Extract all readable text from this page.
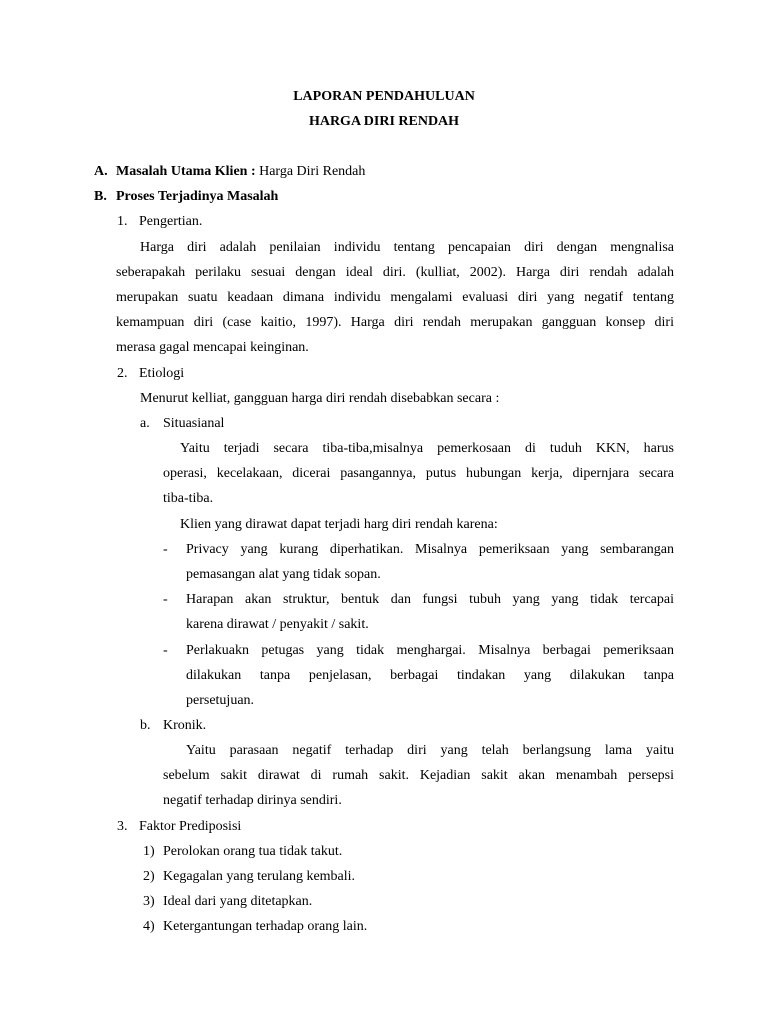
LAPORAN PENDAHULUAN
HARGA DIRI RENDAH
A. Masalah Utama Klien : Harga Diri Rendah
B. Proses Terjadinya Masalah
1. Pengertian.
Harga diri adalah penilaian individu tentang pencapaian diri dengan mengnalisa
seberapakah perilaku sesuai dengan ideal diri. (kulliat, 2002). Harga diri rendah adalah
merupakan suatu keadaan dimana individu mengalami evaluasi diri yang negatif tentang
kemampuan diri (case kaitio, 1997). Harga diri rendah merupakan gangguan konsep diri
merasa gagal mencapai keinginan.
2. Etiologi
Menurut kelliat, gangguan harga diri rendah disebabkan secara :
a. Situasianal
Yaitu terjadi secara tiba-tiba,misalnya pemerkosaan di tuduh KKN, harus
operasi, kecelakaan, dicerai pasangannya, putus hubungan kerja, dipernjara secara
tiba-tiba.
Klien yang dirawat dapat terjadi harg diri rendah karena:
- Privacy yang kurang diperhatikan. Misalnya pemeriksaan yang sembarangan
pemasangan alat yang tidak sopan.
- Harapan akan struktur, bentuk dan fungsi tubuh yang yang tidak tercapai
karena dirawat / penyakit / sakit.
- Perlakuakn petugas yang tidak menghargai. Misalnya berbagai pemeriksaan
dilakukan tanpa penjelasan, berbagai tindakan yang dilakukan tanpa
persetujuan.
b. Kronik.
Yaitu parasaan negatif terhadap diri yang telah berlangsung lama yaitu
sebelum sakit dirawat di rumah sakit. Kejadian sakit akan menambah persepsi
negatif terhadap dirinya sendiri.
3. Faktor Prediposisi
1) Perolokan orang tua tidak takut.
2) Kegagalan yang terulang kembali.
3) Ideal dari yang ditetapkan.
4) Ketergantungan terhadap orang lain.
